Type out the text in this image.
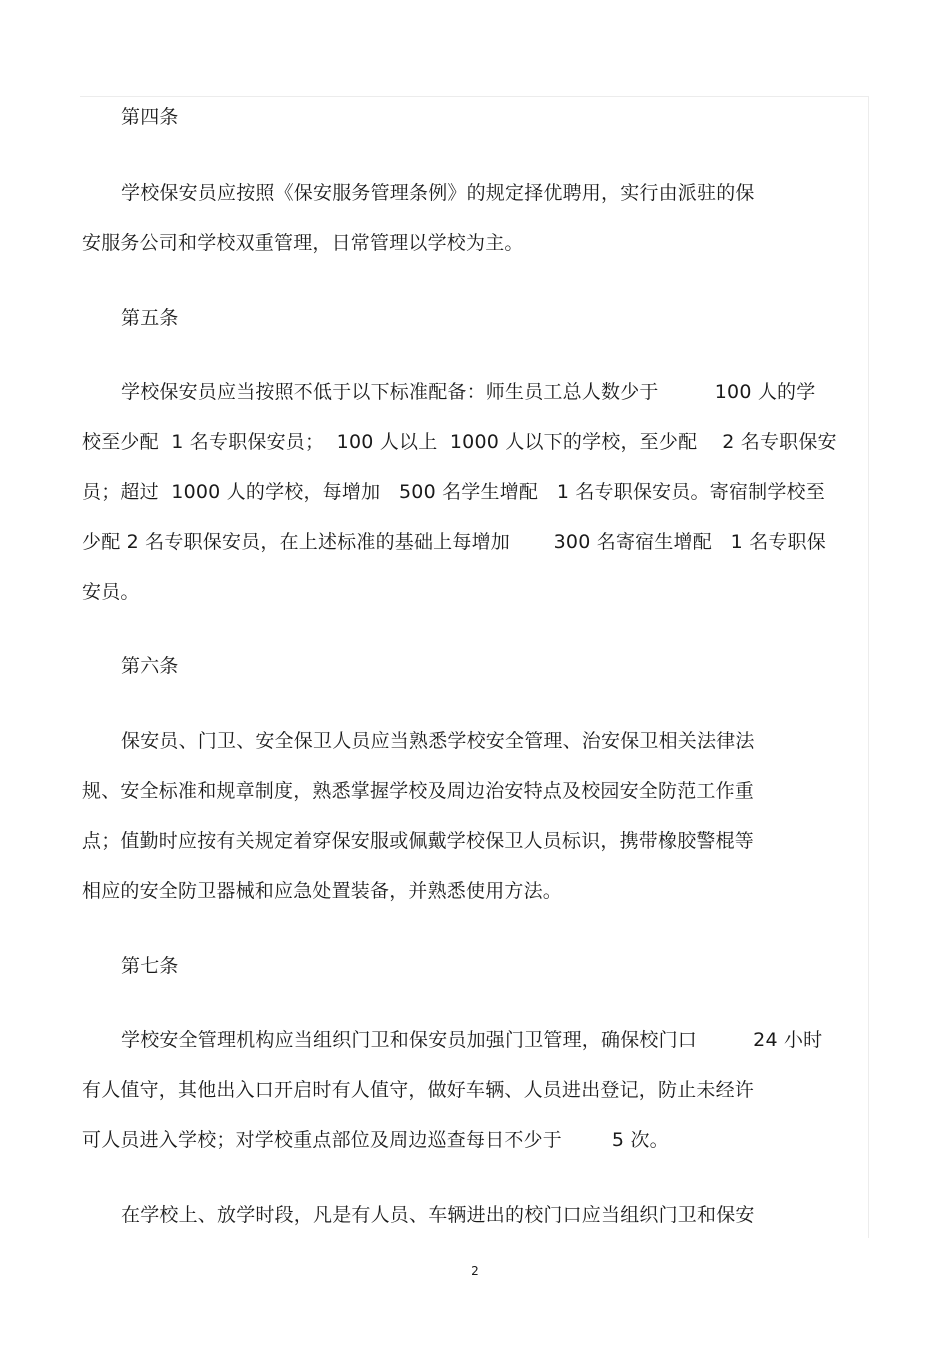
第四条
学校保安员应按照《保安服务管理条例》的规定择优聘用，实行由派驻的保
安服务公司和学校双重管理，日常管理以学校为主。
第五条
学校保安员应当按照不低于以下标准配备：师生员工总人数少于         100 人的学
校至少配  1 名专职保安员；  100 人以上  1000 人以下的学校，至少配    2 名专职保安
员；超过  1000 人的学校，每增加   500 名学生增配   1 名专职保安员。寄宿制学校至
少配 2 名专职保安员，在上述标准的基础上每增加       300 名寄宿生增配   1 名专职保
安员。
第六条
保安员、门卫、安全保卫人员应当熟悉学校安全管理、治安保卫相关法律法
规、安全标准和规章制度，熟悉掌握学校及周边治安特点及校园安全防范工作重
点；值勤时应按有关规定着穿保安服或佩戴学校保卫人员标识，携带橡胶警棍等
相应的安全防卫器械和应急处置装备，并熟悉使用方法。
第七条
学校安全管理机构应当组织门卫和保安员加强门卫管理，确保校门口         24 小时
有人值守，其他出入口开启时有人值守，做好车辆、人员进出登记，防止未经许
可人员进入学校；对学校重点部位及周边巡查每日不少于        5 次。
在学校上、放学时段，凡是有人员、车辆进出的校门口应当组织门卫和保安
2
